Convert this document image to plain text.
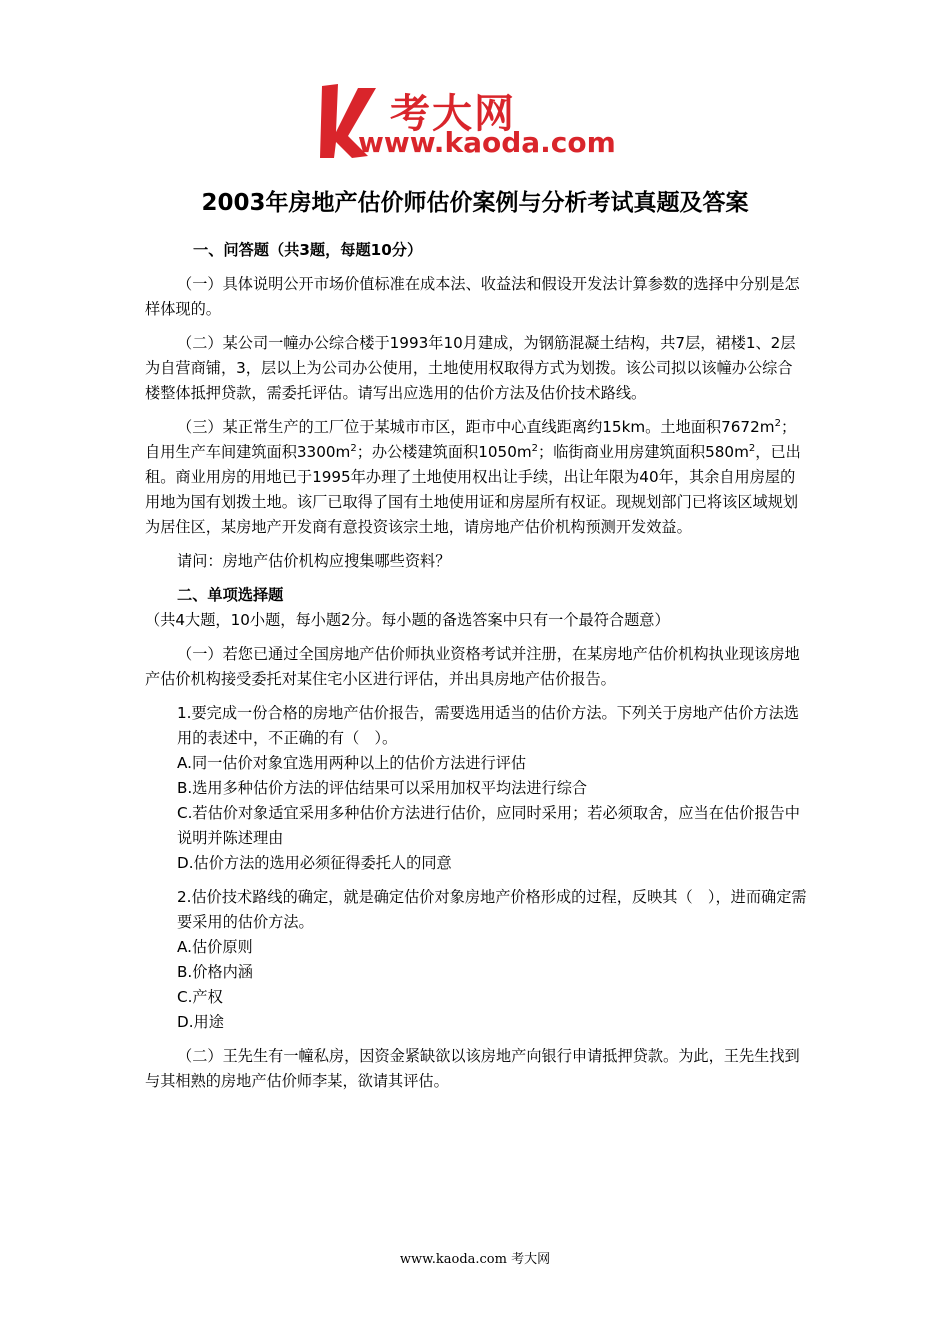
考大网
www.kaoda.com
2003年房地产估价师估价案例与分析考试真题及答案

一、问答题（共3题，每题10分）

（一）具体说明公开市场价值标准在成本法、收益法和假设开发法计算参数的选择中分别是怎样体现的。

（二）某公司一幢办公综合楼于1993年10月建成，为钢筋混凝土结构，共7层，裙楼1、2层为自营商铺，3，层以上为公司办公使用，土地使用权取得方式为划拨。该公司拟以该幢办公综合楼整体抵押贷款，需委托评估。请写出应选用的估价方法及估价技术路线。

（三）某正常生产的工厂位于某城市市区，距市中心直线距离约15km。土地面积$7672m^2$；自用生产车间建筑面积$3300m^2$；办公楼建筑面积$1050m^2$；临街商业用房建筑面积$580m^2$，已出租。商业用房的用地已于1995年办理了土地使用权出让手续，出让年限为40年，其余自用房屋的用地为国有划拨土地。该厂已取得了国有土地使用证和房屋所有权证。现规划部门已将该区域规划为居住区，某房地产开发商有意投资该宗土地，请房地产估价机构预测开发效益。

请问：房地产估价机构应搜集哪些资料？

二、单项选择题（共4大题，10小题，每小题2分。每小题的备选答案中只有一个最符合题意）

（一）若您已通过全国房地产估价师执业资格考试并注册，在某房地产估价机构执业现该房地产估价机构接受委托对某住宅小区进行评估，并出具房地产估价报告。

1.要完成一份合格的房地产估价报告，需要选用适当的估价方法。下列关于房地产估价方法选用的表述中，不正确的有（　）。

A.同一估价对象宜选用两种以上的估价方法进行评估

B.选用多种估价方法的评估结果可以采用加权平均法进行综合

C.若估价对象适宜采用多种估价方法进行估价，应同时采用；若必须取舍，应当在估价报告中说明并陈述理由

D.估价方法的选用必须征得委托人的同意

2.估价技术路线的确定，就是确定估价对象房地产价格形成的过程，反映其（　），进而确定需要采用的估价方法。

A.估价原则

B.价格内涵

C.产权

D.用途

（二）王先生有一幢私房，因资金紧缺欲以该房地产向银行申请抵押贷款。为此，王先生找到与其相熟的房地产估价师李某，欲请其评估。

www.kaoda.com 考大网
